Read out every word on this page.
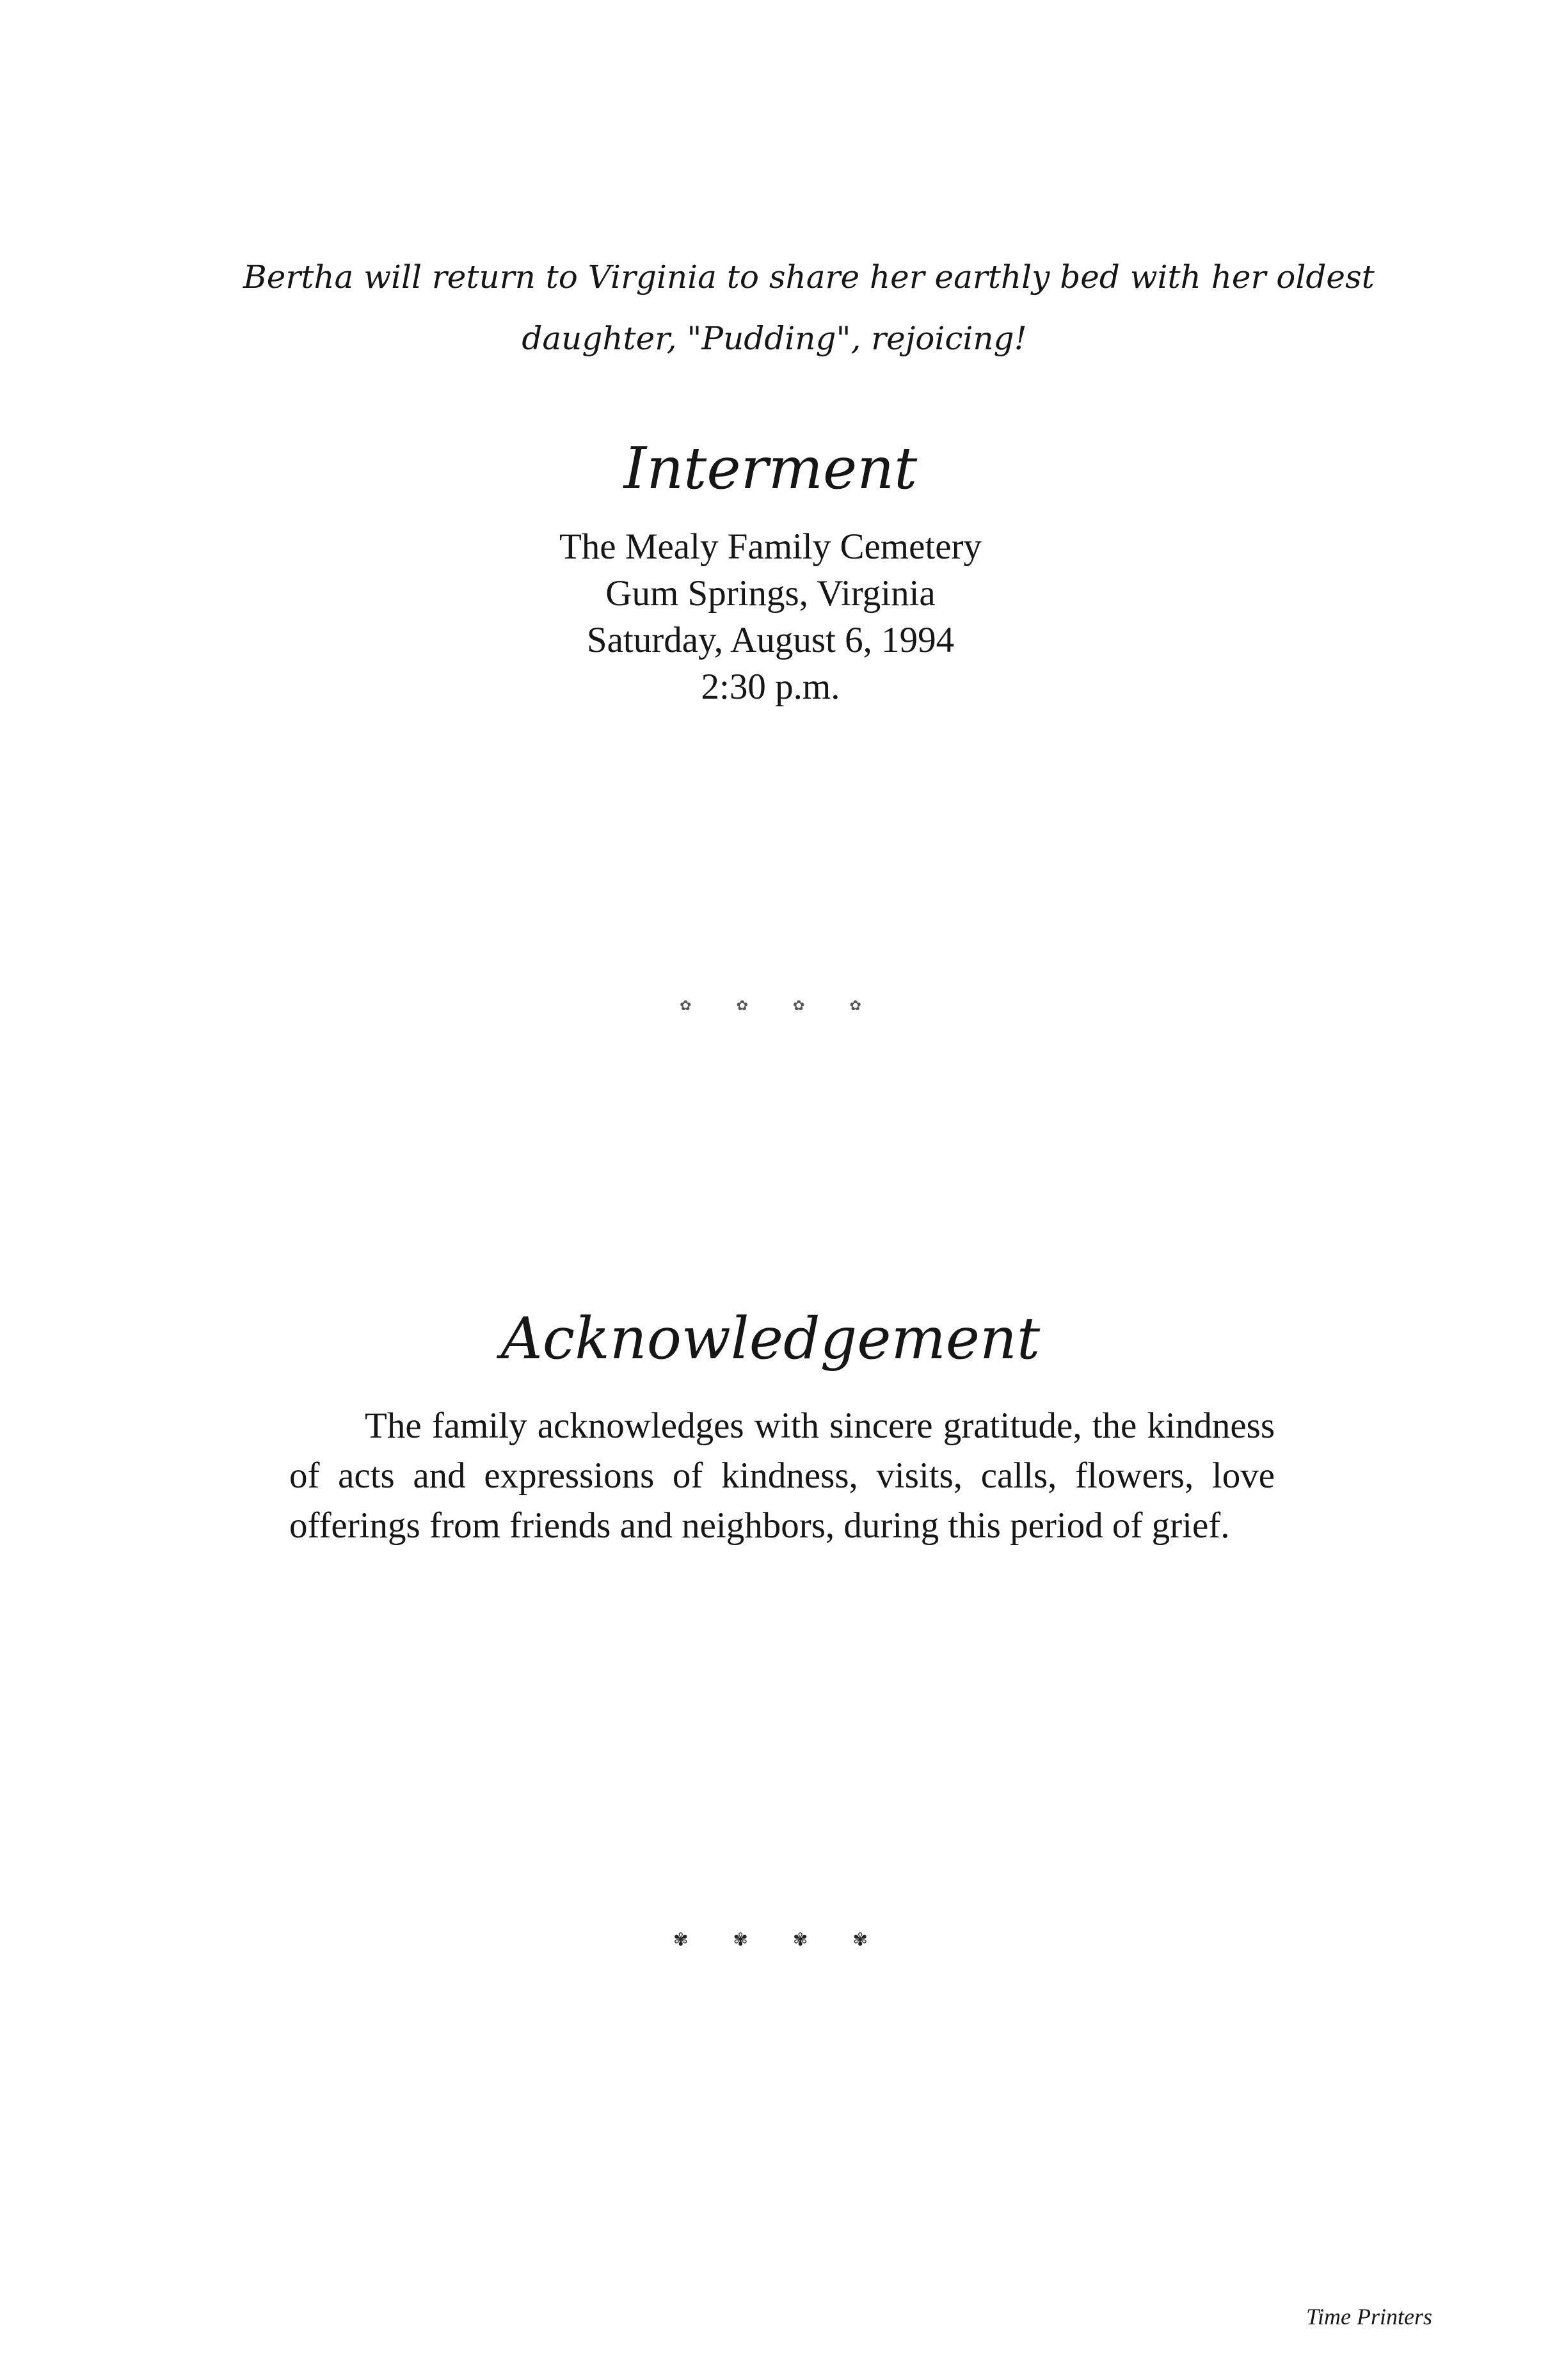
Bertha will return to Virginia to share her earthly bed with her oldest
daughter, "Pudding", rejoicing!
Interment
The Mealy Family Cemetery
Gum Springs, Virginia
Saturday, August 6, 1994
2:30 p.m.
✿	✿	✿	✿
Acknowledgement
The family acknowledges with sincere gratitude, the kindness of acts and expressions of kindness, visits, calls, flowers, love offerings from friends and neighbors, during this period of grief.
✾	✾	✾	✾
Time Printers
